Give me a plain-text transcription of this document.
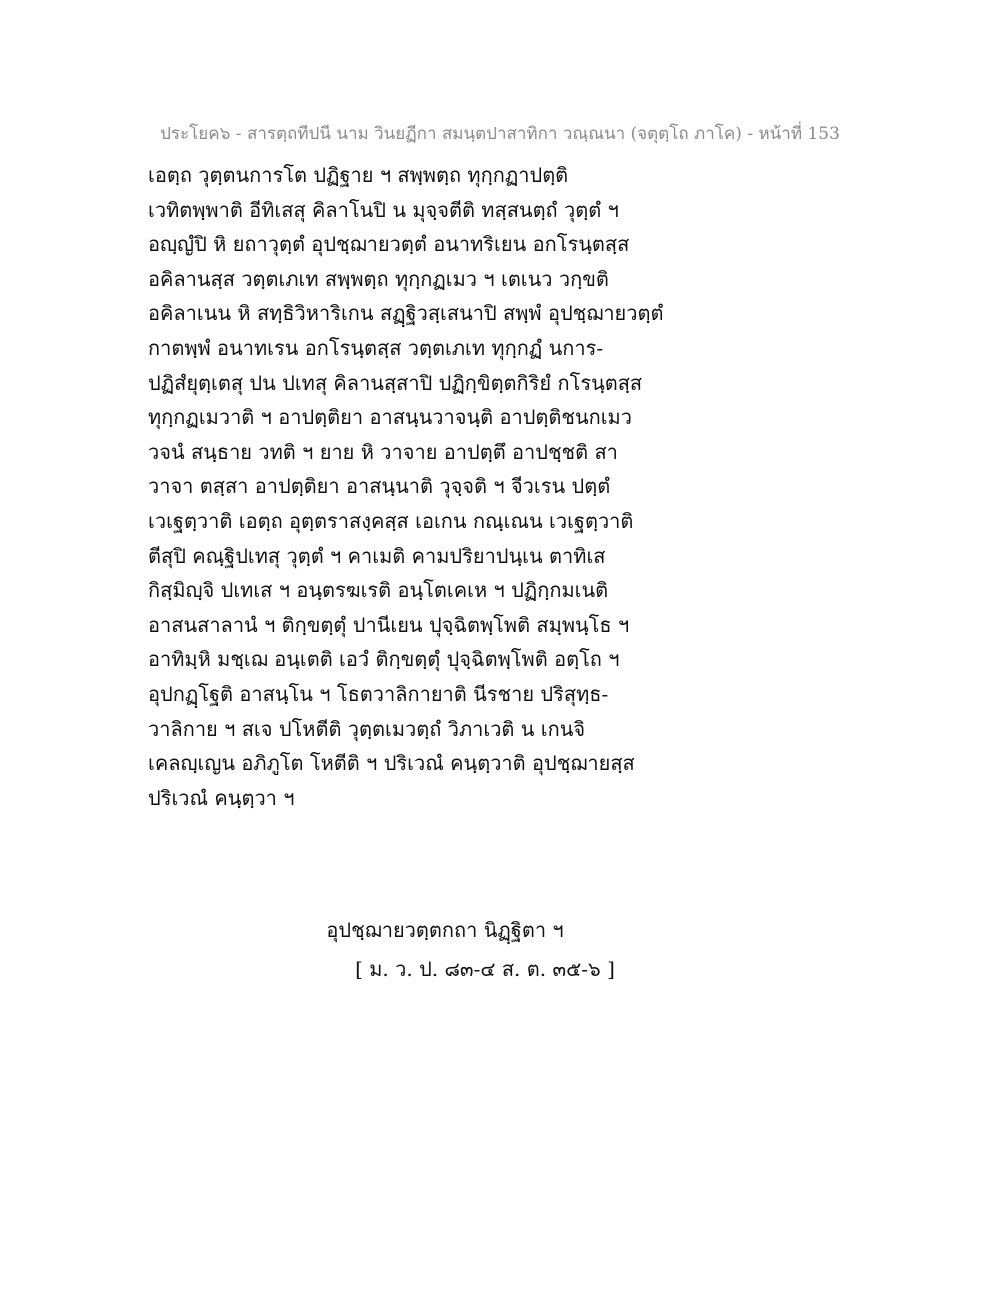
ประโยค๖ - สารตฺถทีปนี นาม วินยฏีกา สมนฺตปาสาทิกา วณฺณนา (จตุตฺโถ ภาโค) - หน้าที่ 153
เอตฺถ วุตฺตนการโต ปฏิฐาย ฯ สพฺพตฺถ ทุกฺกฏาปตฺติ
เวทิตพฺพาติ อีทิเสสุ คิลาโนปิ น มุจฺจตีติ ทสฺสนตฺถํ วุตฺตํ ฯ
อญฺญํปิ หิ ยถาวุตฺตํ อุปชฺฌายวตฺตํ อนาทริเยน อกโรนฺตสฺส
อคิลานสฺส วตฺตเภเท สพฺพตฺถ ทุกฺกฏเมว ฯ เตเนว วกฺขติ
อคิลาเนน หิ สทฺธิวิหาริเกน สฏฺฐิวสฺเสนาปิ สพฺพํ อุปชฺฌายวตฺตํ
กาตพฺพํ อนาทเรน อกโรนฺตสฺส วตฺตเภเท ทุกฺกฏํ นการ-
ปฏิสํยุตฺเตสุ ปน ปเทสุ คิลานสฺสาปิ ปฏิกฺขิตฺตกิริยํ กโรนฺตสฺส
ทุกฺกฏเมวาติ ฯ อาปตฺติยา อาสนฺนวาจนฺติ อาปตฺติชนกเมว
วจนํ สนฺธาย วทติ ฯ ยาย หิ วาจาย อาปตฺตึ อาปชฺชติ สา
วาจา ตสฺสา อาปตฺติยา อาสนฺนาติ วุจฺจติ ฯ จีวเรน ปตฺตํ
เวเฐตฺวาติ เอตฺถ อุตฺตราสงฺคสฺส เอเกน กณฺเณน เวเฐตฺวาติ
ตีสุปิ คณฺฐิปเทสุ วุตฺตํ ฯ คาเมติ คามปริยาปนฺเน ตาทิเส
กิสฺมิญฺจิ ปเทเส ฯ อนฺตรฆเรติ อนฺโตเคเห ฯ ปฏิกฺกมเนติ
อาสนสาลานํ ฯ ติกฺขตฺตุํ ปานีเยน ปุจฺฉิตพฺโพติ สมฺพนฺโธ ฯ
อาทิมฺหิ มชฺเฌ อนฺเตติ เอวํ ติกฺขตฺตุํ ปุจฺฉิตพฺโพติ อตฺโถ ฯ
อุปกฏฺโฐติ อาสนฺโน ฯ โธตวาลิกายาติ นีรชาย ปริสุทฺธ-
วาลิกาย ฯ สเจ ปโหตีติ วุตฺตเมวตฺถํ วิภาเวติ น เกนจิ
เคลญฺเญน อภิภูโต โหตีติ ฯ ปริเวณํ คนฺตฺวาติ อุปชฺฌายสฺส
ปริเวณํ คนฺตฺวา ฯ
อุปชฺฌายวตฺตกถา นิฏฺฐิตา ฯ
[ ม. ว. ป. ๘๓-๔ ส. ต. ๓๕-๖ ]
